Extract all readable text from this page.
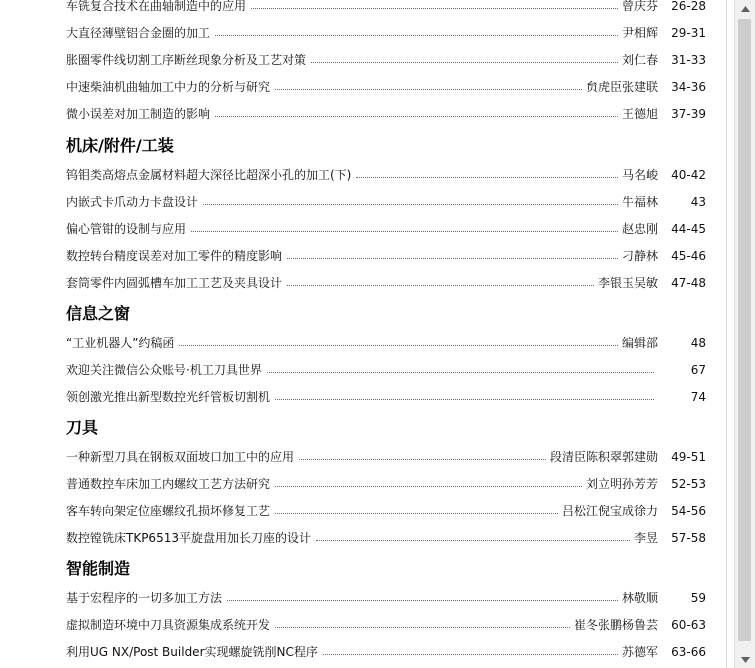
车铣复合技术在曲轴制造中的应用	曾庆芬	26-28
大直径薄壁铝合金圈的加工	尹相辉	29-31
胀圈零件线切割工序断丝现象分析及工艺对策	刘仁春	31-33
中速柴油机曲轴加工中力的分析与研究	贠虎臣张建联	34-36
微小误差对加工制造的影响	王德旭	37-39
机床/附件/工装
钨钼类高熔点金属材料超大深径比超深小孔的加工(下)	马名峻	40-42
内嵌式卡爪动力卡盘设计	牛福林	43
偏心管钳的设制与应用	赵忠刚	44-45
数控转台精度误差对加工零件的精度影响	刁静林	45-46
套筒零件内圆弧槽车加工工艺及夹具设计	李银玉吴敏	47-48
信息之窗
“工业机器人”约稿函	编辑部	48
欢迎关注微信公众账号·机工刀具世界	67
领创激光推出新型数控光纤管板切割机	74
刀具
一种新型刀具在钢板双面坡口加工中的应用	段清臣陈积翠郭建勋	49-51
普通数控车床加工内螺纹工艺方法研究	刘立明孙芳芳	52-53
客车转向架定位座螺纹孔损坏修复工艺	吕松江倪宝成徐力	54-56
数控镗铣床TKP6513平旋盘用加长刀座的设计	李昱	57-58
智能制造
基于宏程序的一切多加工方法	林敬顺	59
虚拟制造环境中刀具资源集成系统开发	崔冬张鹏杨鲁芸	60-63
利用UG NX/Post Builder实现螺旋铣削NC程序	苏德军	63-66
